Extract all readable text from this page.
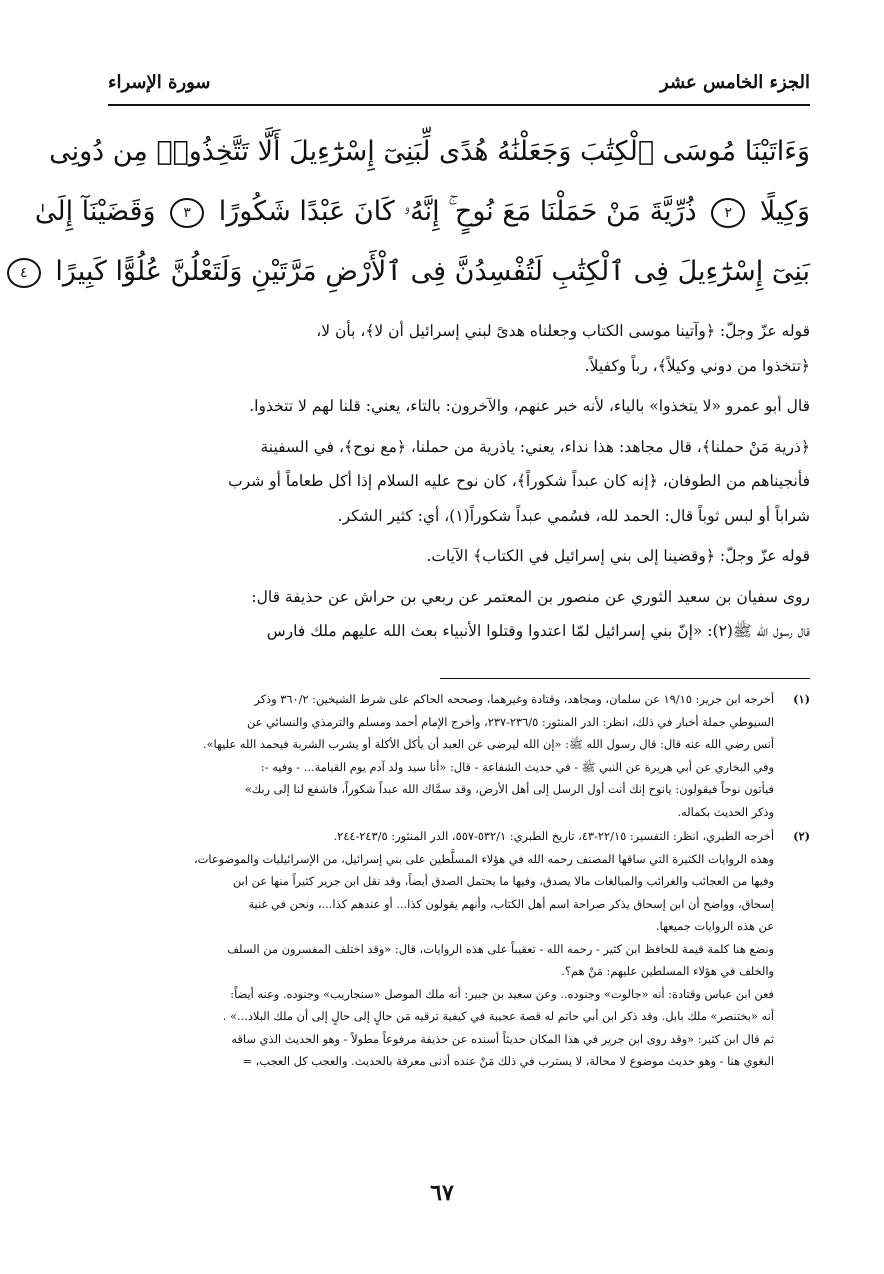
الجزء الخامس عشر
سورة الإسراء
وَءَاتَيْنَا مُوسَى ٱلْكِتَٰبَ وَجَعَلْنَٰهُ هُدًى لِّبَنِىٓ إِسْرَٰٓءِيلَ أَلَّا تَتَّخِذُوا۟ مِن دُونِى
وَكِيلًا ٢ ذُرِّيَّةَ مَنْ حَمَلْنَا مَعَ نُوحٍ ۚ إِنَّهُۥ كَانَ عَبْدًا شَكُورًا ٣ وَقَضَيْنَآ إِلَىٰ
بَنِىٓ إِسْرَٰٓءِيلَ فِى ٱلْكِتَٰبِ لَتُفْسِدُنَّ فِى ٱلْأَرْضِ مَرَّتَيْنِ وَلَتَعْلُنَّ عُلُوًّا كَبِيرًا ٤

قوله عزّ وجلّ: ﴿وآتينا موسى الكتاب وجعلناه هدىً لبني إسرائيل أن لا﴾، بأن لا،
﴿تتخذوا من دوني وكيلاً﴾، رباً وكفيلاً.

قال أبو عمرو «لا يتخذوا» بالياء، لأنه خبر عنهم، والآخرون: بالتاء، يعني: قلنا لهم لا تتخذوا.

﴿ذرية مَنْ حملنا﴾، قال مجاهد: هذا نداء، يعني: ياذرية من حملنا، ﴿مع نوح﴾، في السفينة
فأنجيناهم من الطوفان، ﴿إنه كان عبداً شكوراً﴾، كان نوح عليه السلام إذا أكل طعاماً أو شرب
شراباً أو لبس ثوباً قال: الحمد لله، فسُمي عبداً شكوراً(١)، أي: كثير الشكر.

قوله عزّ وجلّ: ﴿وقضينا إلى بني إسرائيل في الكتاب﴾ الآيات.

روى سفيان بن سعيد الثوري عن منصور بن المعتمر عن ربعي بن حراش عن حذيفة قال:
قال رسول الله ﷺ(٢): «إنّ بني إسرائيل لمّا اعتدوا وقتلوا الأنبياء بعث الله عليهم ملك فارس

(١)
أخرجه ابن جرير: ١٩/١٥ عن سلمان، ومجاهد، وقتادة وغيرهما، وصححه الحاكم على شرط الشيخين: ٣٦٠/٢ وذكر
السيوطي جملة أخبار في ذلك، انظر: الدر المنثور: ٢٣٦/٥-٢٣٧، وأخرج الإمام أحمد ومسلم والترمذي والنسائي عن
أنس رضي الله عنه قال: قال رسول الله ﷺ: «إن الله ليرضى عن العبد أن يأكل الأكلة أو يشرب الشربة فيحمد الله عليها».
وفي البخاري عن أبي هريرة عن النبي ﷺ - في حديث الشفاعة - قال: «أنا سيد ولد آدم يوم القيامة... - وفيه -:
فيأتون نوحاً فيقولون: يانوح إنك أنت أول الرسل إلى أهل الأرض، وقد سمَّاك الله عبداً شكوراً، فاشفع لنا إلى ربك»
وذكر الحديث بكماله.
(٢)
أخرجه الطبري، انظر: التفسير: ٢٢/١٥-٤٣، تاريخ الطبري: ٥٣٢/١-٥٥٧، الدر المنثور: ٢٤٣/٥-٢٤٤.
وهذه الروايات الكثيرة التي ساقها المصنف رحمه الله في هؤلاء المسلَّطين على بني إسرائيل، من الإسرائيليات والموضوعات،
وفيها من العجائب والغرائب والمبالغات مالا يصدق، وفيها ما يحتمل الصدق أيضاً، وقد نقل ابن جرير كثيراً منها عن ابن
إسحاق، وواضح أن ابن إسحاق يذكر صراحة اسم أهل الكتاب، وأنهم يقولون كذا... أو عندهم كذا...، ونحن في غنية
عن هذه الروايات جميعها.
ونضع هنا كلمة قيمة للحافظ ابن كثير - رحمه الله - تعقيباً على هذه الروايات، قال: «وقد اختلف المفسرون من السلف
والخلف في هؤلاء المسلطين عليهم: مَنْ هم؟.
فعن ابن عباس وقتادة: أنه «جالوت» وجنوده.. وعن سعيد بن جبير: أنه ملك الموصل «سنجاريب» وجنوده. وعنه أيضاً:
أنه «بختنصر» ملك بابل. وقد ذكر ابن أبي حاتم له قصة عجيبة في كيفية ترقيه مَن حالٍ إلى حالٍ إلى أن ملك البلاد...» .
ثم قال ابن كثير: «وقد روى ابن جرير في هذا المكان حديثاً أسنده عن حذيفة مرفوعاً مطولاً - وهو الحديث الذي ساقه
البغوي هنا - وهو حديث موضوع لا محالة، لا يسترب في ذلك مَنْ عنده أدنى معرفة بالحديث. والعجب كل العجب، =
٦٧
